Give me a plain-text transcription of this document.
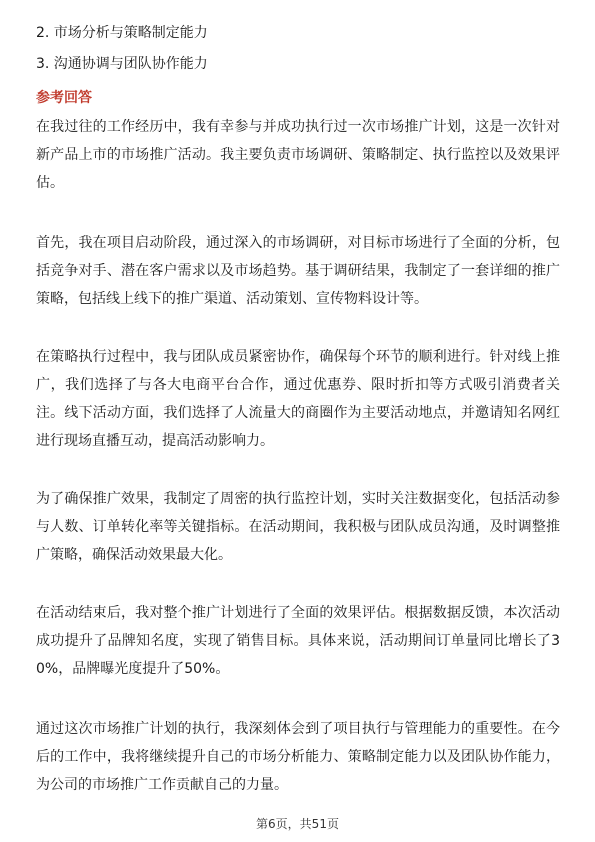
2. 市场分析与策略制定能力
3. 沟通协调与团队协作能力
参考回答

在我过往的工作经历中，我有幸参与并成功执行过一次市场推广计划，这是一次针对新产品上市的市场推广活动。我主要负责市场调研、策略制定、执行监控以及效果评估。

首先，我在项目启动阶段，通过深入的市场调研，对目标市场进行了全面的分析，包括竞争对手、潜在客户需求以及市场趋势。基于调研结果，我制定了一套详细的推广策略，包括线上线下的推广渠道、活动策划、宣传物料设计等。

在策略执行过程中，我与团队成员紧密协作，确保每个环节的顺利进行。针对线上推广，我们选择了与各大电商平台合作，通过优惠券、限时折扣等方式吸引消费者关注。线下活动方面，我们选择了人流量大的商圈作为主要活动地点，并邀请知名网红进行现场直播互动，提高活动影响力。

为了确保推广效果，我制定了周密的执行监控计划，实时关注数据变化，包括活动参与人数、订单转化率等关键指标。在活动期间，我积极与团队成员沟通，及时调整推广策略，确保活动效果最大化。

在活动结束后，我对整个推广计划进行了全面的效果评估。根据数据反馈，本次活动成功提升了品牌知名度，实现了销售目标。具体来说，活动期间订单量同比增长了30%，品牌曝光度提升了50%。

通过这次市场推广计划的执行，我深刻体会到了项目执行与管理能力的重要性。在今后的工作中，我将继续提升自己的市场分析能力、策略制定能力以及团队协作能力，为公司的市场推广工作贡献自己的力量。

第6页，共51页
